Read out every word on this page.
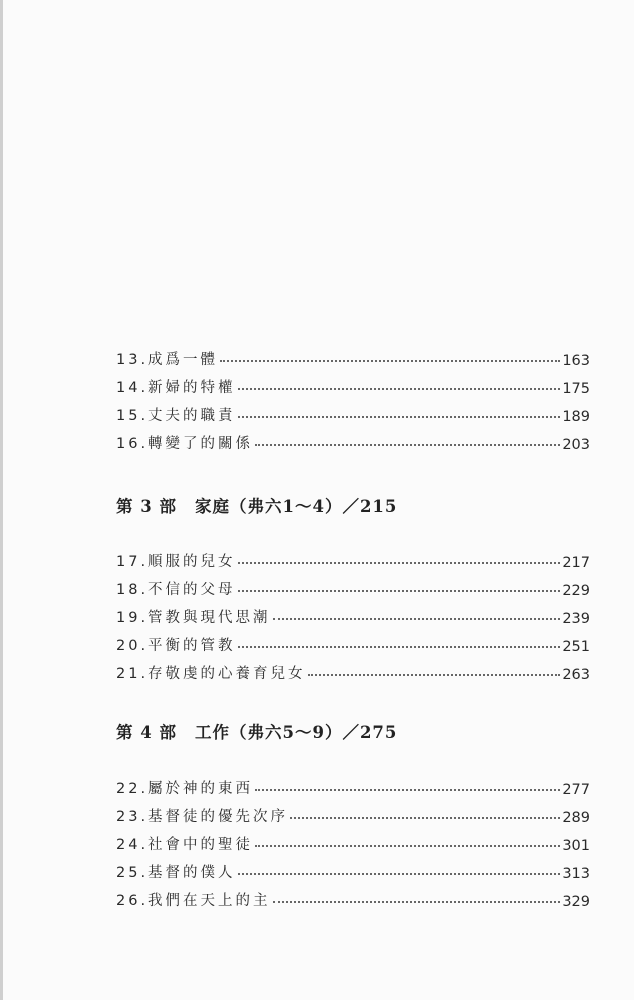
13.成爲一體	163
14.新婦的特權	175
15.丈夫的職責	189
16.轉變了的關係	203
第 3 部 家庭（弗六1～4）／215
17.順服的兒女	217
18.不信的父母	229
19.管教與現代思潮	239
20.平衡的管教	251
21.存敬虔的心養育兒女	263
第 4 部 工作（弗六5～9）／275
22.屬於神的東西	277
23.基督徒的優先次序	289
24.社會中的聖徒	301
25.基督的僕人	313
26.我們在天上的主	329
